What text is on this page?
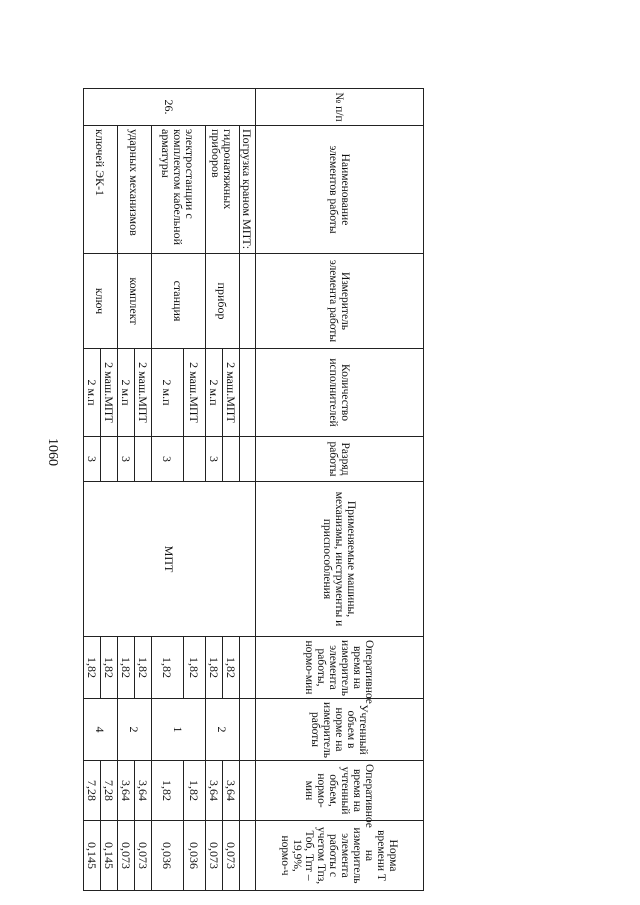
1060
№ п/п	Наименование элементов работы	Измеритель элемента работы	Количество исполнителей	Разряд работы	Применяемые машины, механизмы, инструменты и приспособления	Оперативное время на измеритель элемента работы, нормо-мин	Учтенный объем в норме на измеритель работы	Оперативное время на учтенный объем, нормо-мин	Норма времени Т на измеритель элемента работы с учетом Тпз, Тоб, Тпт – 19,9%, нормо-ч
26.	Погрузка краном МПТ:				МПТ				
	гидронатяжных приборов	прибор	2 маш.МПТ			1,82	2	3,64	0,073
			2 м.п	3		1,82		3,64	0,073
	электростанции с комплектом кабельной арматуры	станция	2 маш.МПТ			1,82	1	1,82	0,036
			2 м.п	3		1,82		1,82	0,036
	ударных механизмов	комплект	2 маш.МПТ			1,82	2	3,64	0,073
			2 м.п	3		1,82		3,64	0,073
	ключей ЭК-1	ключ	2 маш.МПТ			1,82	4	7,28	0,145
			2 м.п	3		1,82		7,28	0,145
